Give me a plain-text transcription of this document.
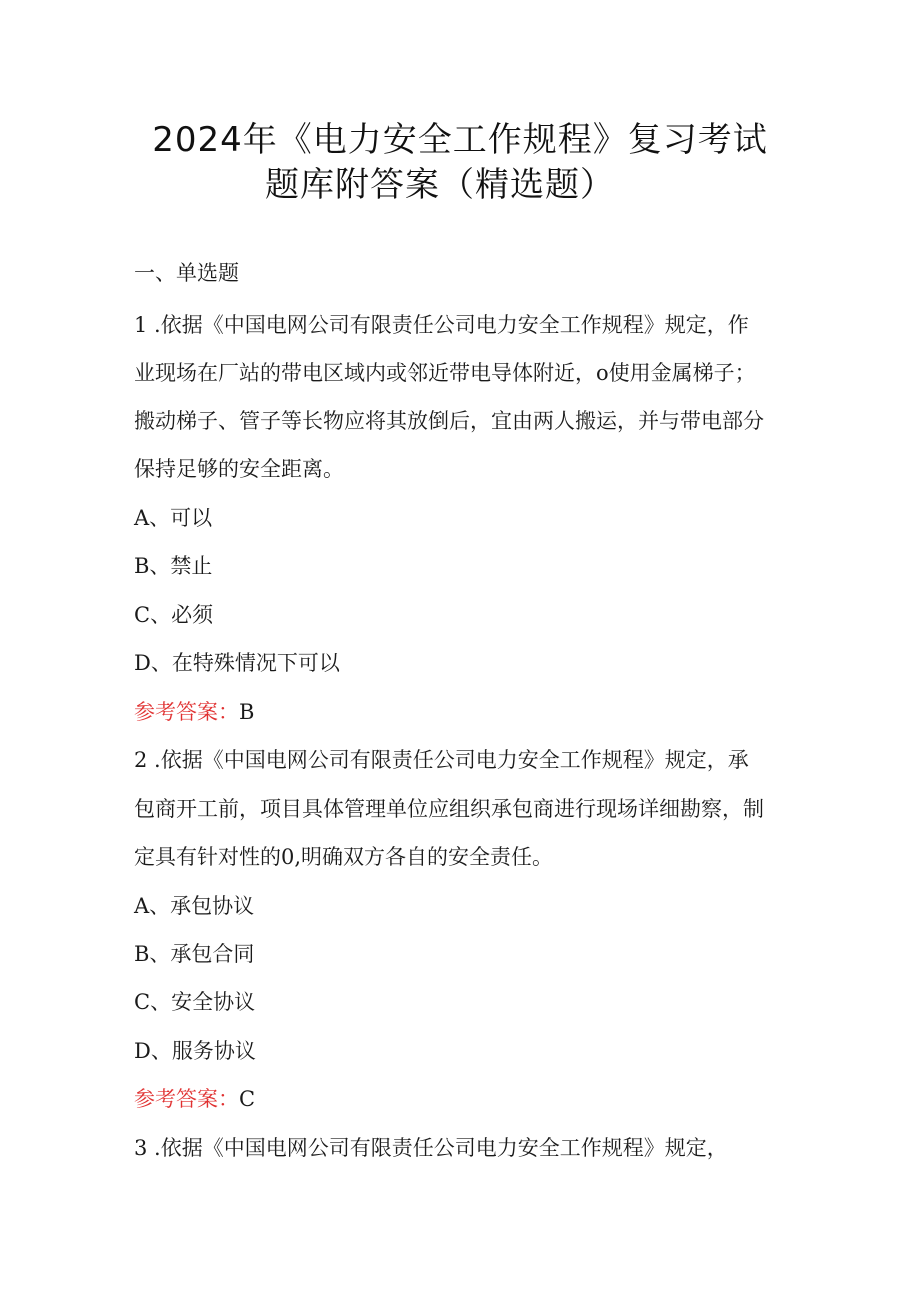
2024年《电力安全工作规程》复习考试
题库附答案（精选题）
一、单选题
1 .依据《中国电网公司有限责任公司电力安全工作规程》规定，作
业现场在厂站的带电区域内或邻近带电导体附近，o使用金属梯子；
搬动梯子、管子等长物应将其放倒后，宜由两人搬运，并与带电部分
保持足够的安全距离。
A、可以
B、禁止
C、必须
D、在特殊情况下可以
参考答案：B
2 .依据《中国电网公司有限责任公司电力安全工作规程》规定，承
包商开工前，项目具体管理单位应组织承包商进行现场详细勘察，制
定具有针对性的0,明确双方各自的安全责任。
A、承包协议
B、承包合同
C、安全协议
D、服务协议
参考答案：C
3 .依据《中国电网公司有限责任公司电力安全工作规程》规定，
